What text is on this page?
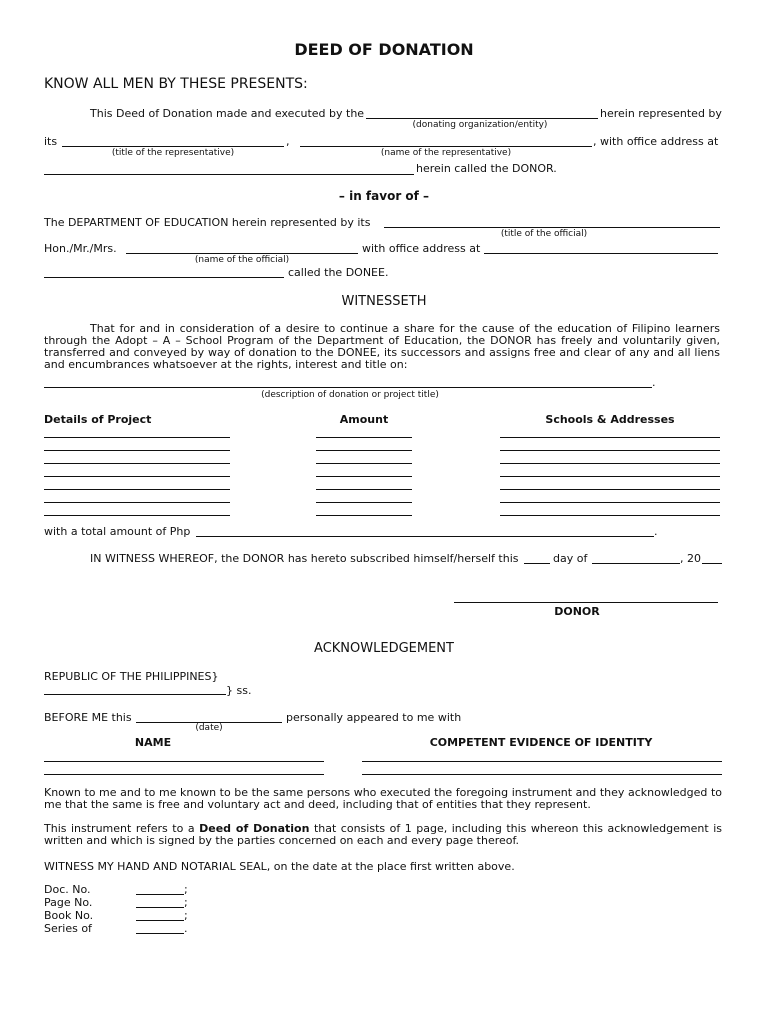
DEED OF DONATION
KNOW ALL MEN BY THESE PRESENTS:
This Deed of Donation made and executed by the	herein represented by
(donating organization/entity)
its	,	, with office address at
(title of the representative)	(name of the representative)
herein called the DONOR.
– in favor of –
The DEPARTMENT OF EDUCATION herein represented by its
(title of the official)
Hon./Mr./Mrs.	with office address at
(name of the official)
called the DONEE.
WITNESSETH
That for and in consideration of a desire to continue a share for the cause of the education of Filipino learners through the Adopt – A – School Program of the Department of Education, the DONOR has freely and voluntarily given, transferred and conveyed by way of donation to the DONEE, its successors and assigns free and clear of any and all liens and encumbrances whatsoever at the rights, interest and title on:
.
(description of donation or project title)
Details of Project	Amount	Schools & Addresses
with a total amount of Php	.
IN WITNESS WHEREOF, the DONOR has hereto subscribed himself/herself this	day of	, 20
DONOR
ACKNOWLEDGEMENT
REPUBLIC OF THE PHILIPPINES}
} ss.
BEFORE ME this	personally appeared to me with
(date)
NAME	COMPETENT EVIDENCE OF IDENTITY
Known to me and to me known to be the same persons who executed the foregoing instrument and they acknowledged to me that the same is free and voluntary act and deed, including that of entities that they represent.
This instrument refers to a Deed of Donation that consists of 1 page, including this whereon this acknowledgement is written and which is signed by the parties concerned on each and every page thereof.
WITNESS MY HAND AND NOTARIAL SEAL, on the date at the place first written above.
Doc. No.	;
Page No.	;
Book No.	;
Series of	.
